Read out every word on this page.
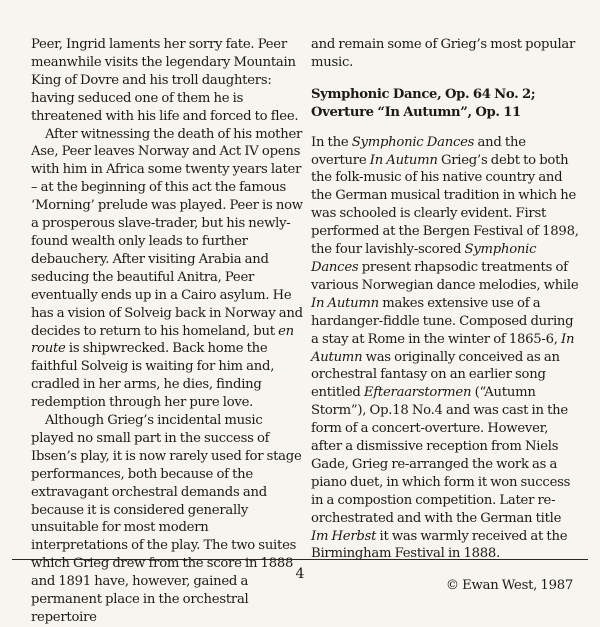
Peer, Ingrid laments her sorry fate. Peer meanwhile visits the legendary Mountain King of Dovre and his troll daughters: having seduced one of them he is threatened with his life and forced to flee.

After witnessing the death of his mother Ase, Peer leaves Norway and Act IV opens with him in Africa some twenty years later – at the beginning of this act the famous ‘Morning’ prelude was played. Peer is now a prosperous slave-trader, but his newly-found wealth only leads to further debauchery. After visiting Arabia and seducing the beautiful Anitra, Peer eventually ends up in a Cairo asylum. He has a vision of Solveig back in Norway and decides to return to his homeland, but en route is shipwrecked. Back home the faithful Solveig is waiting for him and, cradled in her arms, he dies, finding redemption through her pure love.

Although Grieg’s incidental music played no small part in the success of Ibsen’s play, it is now rarely used for stage performances, both because of the extravagant orchestral demands and because it is considered generally unsuitable for most modern interpretations of the play. The two suites which Grieg drew from the score in 1888 and 1891 have, however, gained a permanent place in the orchestral repertoire

and remain some of Grieg’s most popular music.

Symphonic Dance, Op. 64 No. 2;
Overture “In Autumn”, Op. 11

In the Symphonic Dances and the overture In Autumn Grieg’s debt to both the folk-music of his native country and the German musical tradition in which he was schooled is clearly evident. First performed at the Bergen Festival of 1898, the four lavishly-scored Symphonic Dances present rhapsodic treatments of various Norwegian dance melodies, while In Autumn makes extensive use of a hardanger-fiddle tune. Composed during a stay at Rome in the winter of 1865-6, In Autumn was originally conceived as an orchestral fantasy on an earlier song entitled Efteraarstormen (“Autumn Storm”), Op.18 No.4 and was cast in the form of a concert-overture. However, after a dismissive reception from Niels Gade, Grieg re-arranged the work as a piano duet, in which form it won success in a compostion competition. Later re-orchestrated and with the German title Im Herbst it was warmly received at the Birmingham Festival in 1888.

© Ewan West, 1987

4
